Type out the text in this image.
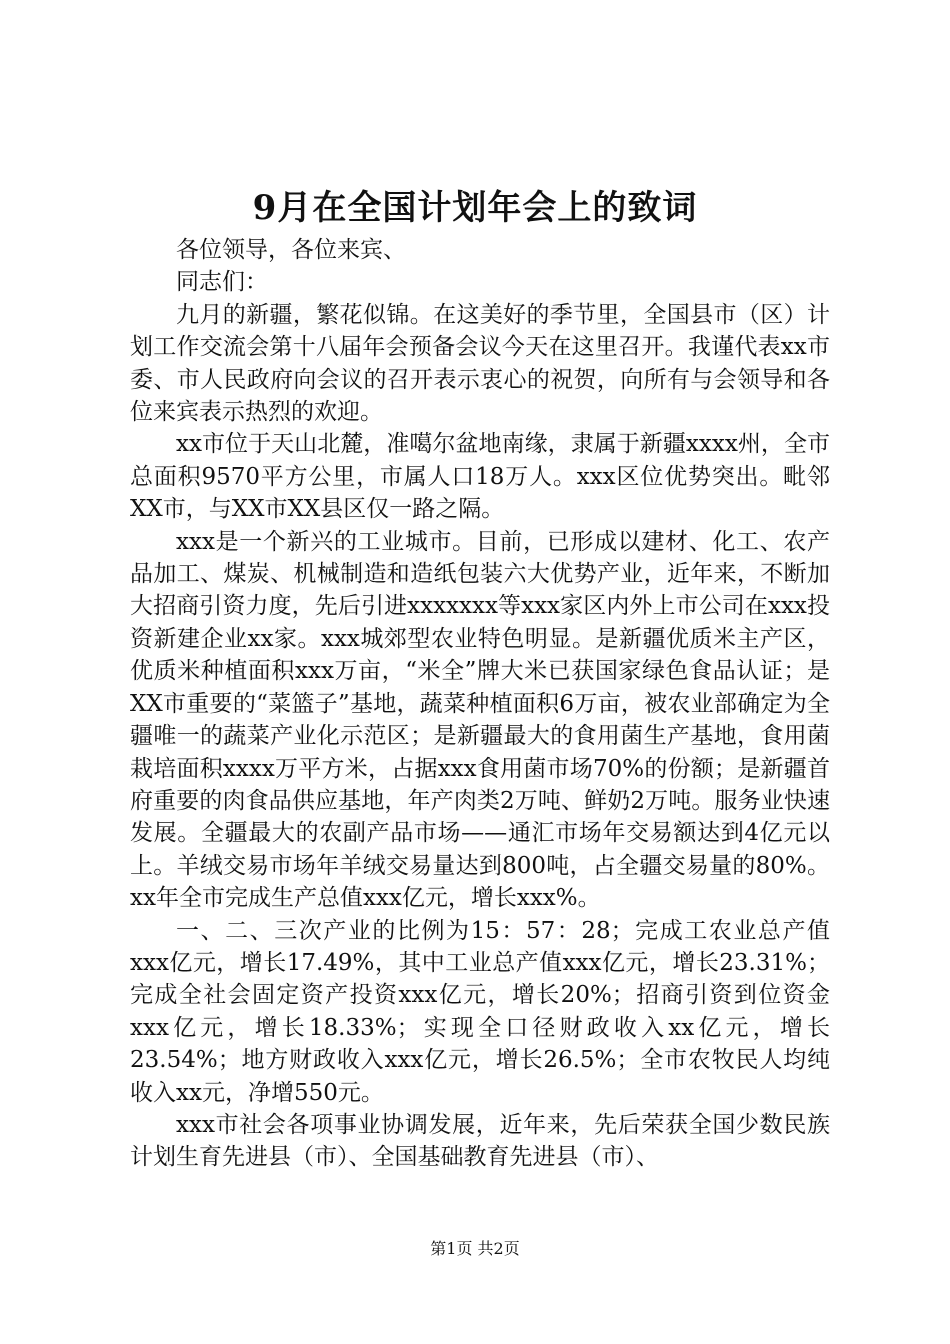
9月在全国计划年会上的致词

各位领导，各位来宾、

同志们：

九月的新疆，繁花似锦。在这美好的季节里，全国县市（区）计划工作交流会第十八届年会预备会议今天在这里召开。我谨代表xx市委、市人民政府向会议的召开表示衷心的祝贺，向所有与会领导和各位来宾表示热烈的欢迎。

xx市位于天山北麓，准噶尔盆地南缘，隶属于新疆xxxx州，全市总面积9570平方公里，市属人口18万人。xxx区位优势突出。毗邻XX市，与XX市XX县区仅一路之隔。

xxx是一个新兴的工业城市。目前，已形成以建材、化工、农产品加工、煤炭、机械制造和造纸包装六大优势产业，近年来，不断加大招商引资力度，先后引进xxxxxxx等xxx家区内外上市公司在xxx投资新建企业xx家。xxx城郊型农业特色明显。是新疆优质米主产区，优质米种植面积xxx万亩，“米全”牌大米已获国家绿色食品认证；是XX市重要的“菜篮子”基地，蔬菜种植面积6万亩，被农业部确定为全疆唯一的蔬菜产业化示范区；是新疆最大的食用菌生产基地，食用菌栽培面积xxxx万平方米，占据xxx食用菌市场70%的份额；是新疆首府重要的肉食品供应基地，年产肉类2万吨、鲜奶2万吨。服务业快速发展。全疆最大的农副产品市场——通汇市场年交易额达到4亿元以上。羊绒交易市场年羊绒交易量达到800吨，占全疆交易量的80%。xx年全市完成生产总值xxx亿元，增长xxx%。

一、二、三次产业的比例为15：57：28；完成工农业总产值xxx亿元，增长17.49%，其中工业总产值xxx亿元，增长23.31%；完成全社会固定资产投资xxx亿元，增长20%；招商引资到位资金xxx亿元，增长18.33%；实现全口径财政收入xx亿元，增长23.54%；地方财政收入xxx亿元，增长26.5%；全市农牧民人均纯收入xx元，净增550元。

xxx市社会各项事业协调发展，近年来，先后荣获全国少数民族计划生育先进县（市）、全国基础教育先进县（市）、

第1页 共2页
